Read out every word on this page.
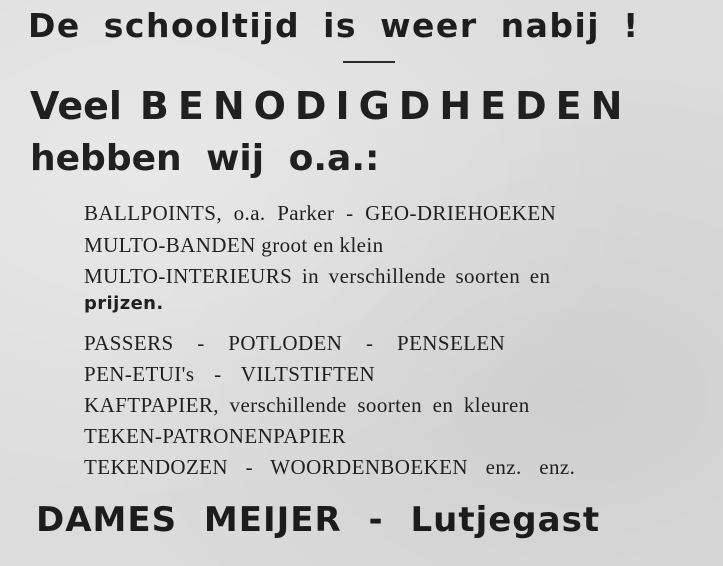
De schooltijd is weer nabij !
Veel BENODIGDHEDEN
hebben wij o.a.:
BALLPOINTS, o.a. Parker - GEO-DRIEHOEKEN
MULTO-BANDEN groot en klein
MULTO-INTERIEURS in verschillende soorten en
prijzen.
PASSERS - POTLODEN - PENSELEN
PEN-ETUI's - VILTSTIFTEN
KAFTPAPIER, verschillende soorten en kleuren
TEKEN-PATRONENPAPIER
TEKENDOZEN - WOORDENBOEKEN enz. enz.
DAMES MEIJER - Lutjegast
